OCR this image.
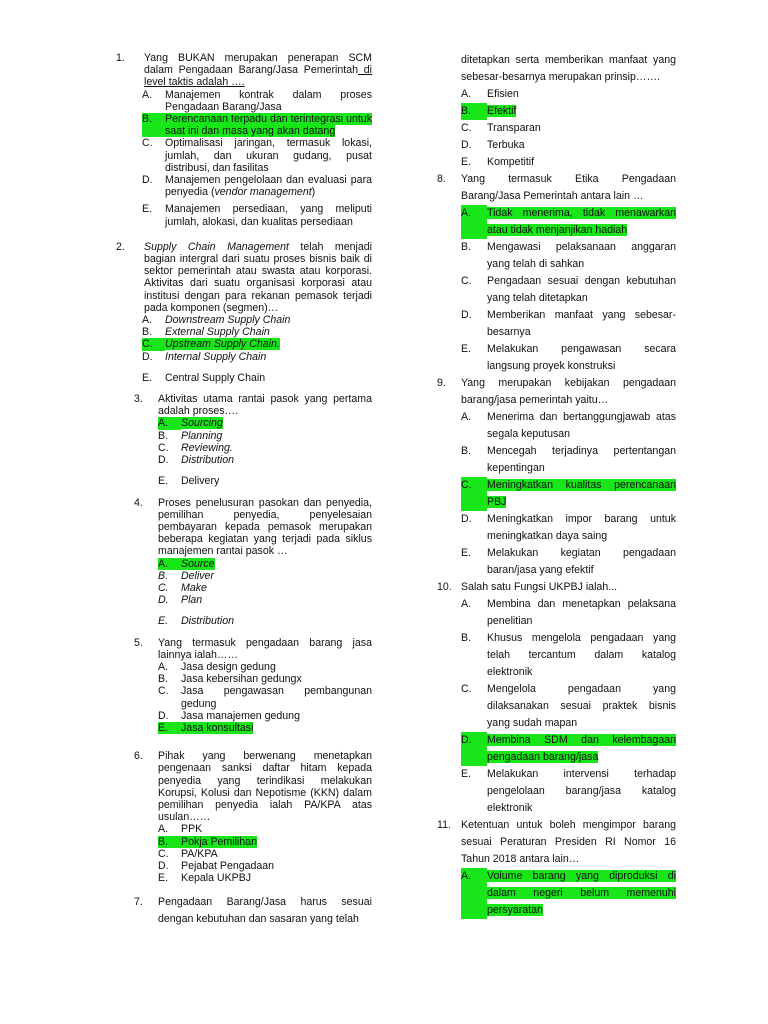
1.	Yang BUKAN merupakan penerapan SCM dalam Pengadaan Barang/Jasa Pemerintah di level taktis adalah ….
A.	Manajemen kontrak dalam proses Pengadaan Barang/Jasa
B.	Perencanaan terpadu dan terintegrasi untuk saat ini dan masa yang akan datang
C.	Optimalisasi jaringan, termasuk lokasi, jumlah, dan ukuran gudang, pusat distribusi, dan fasilitas
D.	Manajemen pengelolaan dan evaluasi para penyedia (vendor management)
E.	Manajemen persediaan, yang meliputi jumlah, alokasi, dan kualitas persediaan
2.	Supply Chain Management telah menjadi bagian intergral dari suatu proses bisnis baik di sektor pemerintah atau swasta atau korporasi. Aktivitas dari suatu organisasi korporasi atau institusi dengan para rekanan pemasok terjadi pada komponen (segmen)…
A.	Downstream Supply Chain
B.	External Supply Chain
C.	Upstream Supply Chain.
D.	Internal Supply Chain
E.	Central Supply Chain
3.	Aktivitas utama rantai pasok yang pertama adalah proses….
A.	Sourcing
B.	Planning
C.	Reviewing.
D.	Distribution
E.	Delivery
4.	Proses penelusuran pasokan dan penyedia, pemilihan penyedia, penyelesaian pembayaran kepada pemasok merupakan beberapa kegiatan yang terjadi pada siklus manajemen rantai pasok …
A.	Source
B.	Deliver
C.	Make
D.	Plan
E.	Distribution
5.	Yang termasuk pengadaan barang jasa lainnya ialah……
A.	Jasa design gedung
B.	Jasa kebersihan gedungx
C.	Jasa pengawasan pembangunan gedung
D.	Jasa manajemen gedung
E.	Jasa konsultasi
6.	Pihak yang berwenang menetapkan pengenaan sanksi daftar hitam kepada penyedia yang terindikasi melakukan Korupsi, Kolusi dan Nepotisme (KKN) dalam pemilihan penyedia ialah PA/KPA atas usulan……
A.	PPK
B.	Pokja Pemilihan
C.	PA/KPA
D.	Pejabat Pengadaan
E.	Kepala UKPBJ
7.	Pengadaan Barang/Jasa harus sesuai dengan kebutuhan dan sasaran yang telah
ditetapkan serta memberikan manfaat yang sebesar-besarnya merupakan prinsip…….
A.	Efisien
B.	Efektif
C.	Transparan
D.	Terbuka
E.	Kompetitif
8.	Yang termasuk Etika Pengadaan Barang/Jasa Pemerintah antara lain …
A.	Tidak menerima, tidak menawarkan atau tidak menjanjikan hadiah
B.	Mengawasi pelaksanaan anggaran yang telah di sahkan
C.	Pengadaan sesuai dengan kebutuhan yang telah ditetapkan
D.	Memberikan manfaat yang sebesar-besarnya
E.	Melakukan pengawasan secara langsung proyek konstruksi
9.	Yang merupakan kebijakan pengadaan barang/jasa pemerintah yaitu…
A.	Menerima dan bertanggungjawab atas segala keputusan
B.	Mencegah terjadinya pertentangan kepentingan
C.	Meningkatkan kualitas perencanaan PBJ
D.	Meningkatkan impor barang untuk meningkatkan daya saing
E.	Melakukan kegiatan pengadaan baran/jasa yang efektif
10. Salah satu Fungsi UKPBJ ialah...
A.	Membina dan menetapkan pelaksana penelitian
B.	Khusus mengelola pengadaan yang telah tercantum dalam katalog elektronik
C.	Mengelola pengadaan yang dilaksanakan sesuai praktek bisnis yang sudah mapan
D.	Membina SDM dan kelembagaan pengadaan barang/jasa
E.	Melakukan intervensi terhadap pengelolaan barang/jasa katalog elektronik
11. Ketentuan untuk boleh mengimpor barang sesuai Peraturan Presiden RI Nomor 16 Tahun 2018 antara lain…
A.	Volume barang yang diproduksi di dalam negeri belum memenuhi persyaratan
